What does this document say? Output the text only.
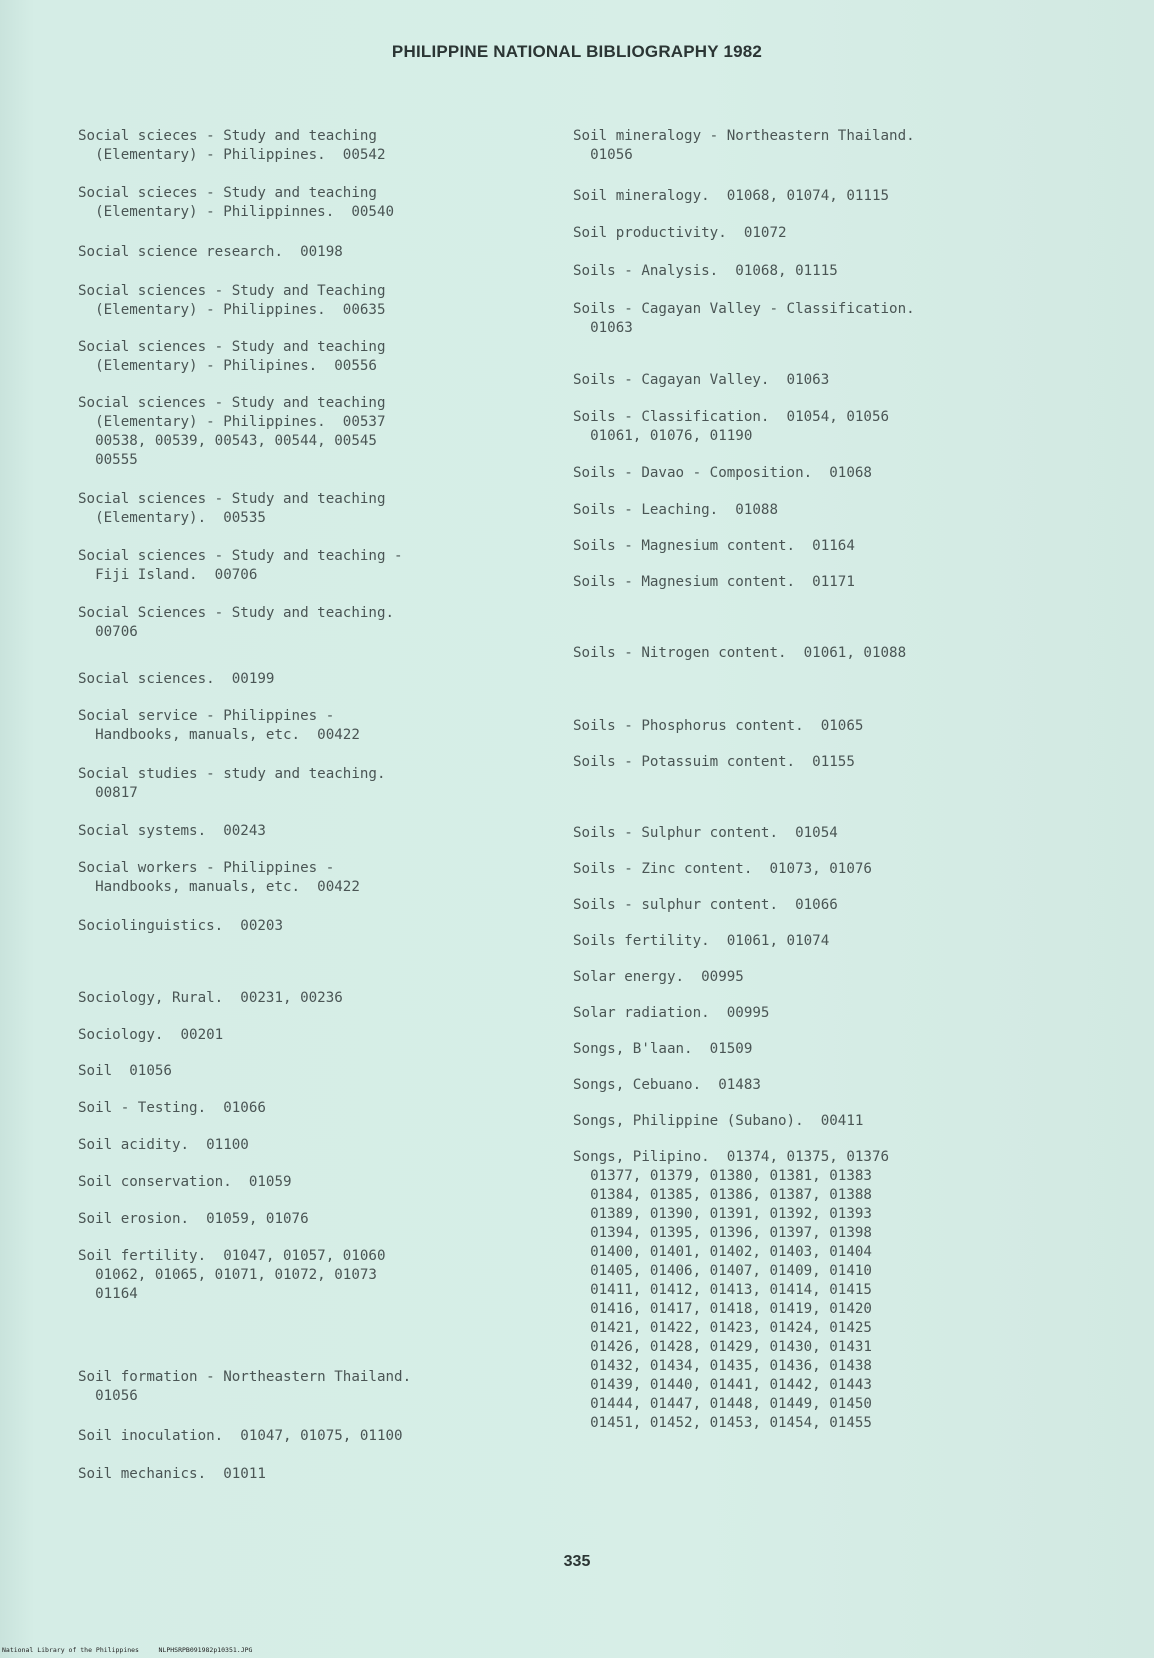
PHILIPPINE NATIONAL BIBLIOGRAPHY 1982

Social scieces - Study and teaching
(Elementary) - Philippines.  00542

Social scieces - Study and teaching
(Elementary) - Philippinnes.  00540

Social science research.  00198

Social sciences - Study and Teaching
(Elementary) - Philippines.  00635

Social sciences - Study and teaching
(Elementary) - Philipines.  00556

Social sciences - Study and teaching
(Elementary) - Philippines.  00537
00538, 00539, 00543, 00544, 00545
00555

Social sciences - Study and teaching
(Elementary).  00535

Social sciences - Study and teaching -
Fiji Island.  00706

Social Sciences - Study and teaching.
00706

Social sciences.  00199

Social service - Philippines -
Handbooks, manuals, etc.  00422

Social studies - study and teaching.
00817

Social systems.  00243

Social workers - Philippines -
Handbooks, manuals, etc.  00422

Sociolinguistics.  00203

Sociology, Rural.  00231, 00236

Sociology.  00201

Soil  01056

Soil - Testing.  01066

Soil acidity.  01100

Soil conservation.  01059

Soil erosion.  01059, 01076

Soil fertility.  01047, 01057, 01060
01062, 01065, 01071, 01072, 01073
01164

Soil formation - Northeastern Thailand.
01056

Soil inoculation.  01047, 01075, 01100

Soil mechanics.  01011

Soil mineralogy - Northeastern Thailand.
01056

Soil mineralogy.  01068, 01074, 01115

Soil productivity.  01072

Soils - Analysis.  01068, 01115

Soils - Cagayan Valley - Classification.
01063

Soils - Cagayan Valley.  01063

Soils - Classification.  01054, 01056
01061, 01076, 01190

Soils - Davao - Composition.  01068

Soils - Leaching.  01088

Soils - Magnesium content.  01164

Soils - Magnesium content.  01171

Soils - Nitrogen content.  01061, 01088

Soils - Phosphorus content.  01065

Soils - Potassuim content.  01155

Soils - Sulphur content.  01054

Soils - Zinc content.  01073, 01076

Soils - sulphur content.  01066

Soils fertility.  01061, 01074

Solar energy.  00995

Solar radiation.  00995

Songs, B'laan.  01509

Songs, Cebuano.  01483

Songs, Philippine (Subano).  00411

Songs, Pilipino.  01374, 01375, 01376
01377, 01379, 01380, 01381, 01383
01384, 01385, 01386, 01387, 01388
01389, 01390, 01391, 01392, 01393
01394, 01395, 01396, 01397, 01398
01400, 01401, 01402, 01403, 01404
01405, 01406, 01407, 01409, 01410
01411, 01412, 01413, 01414, 01415
01416, 01417, 01418, 01419, 01420
01421, 01422, 01423, 01424, 01425
01426, 01428, 01429, 01430, 01431
01432, 01434, 01435, 01436, 01438
01439, 01440, 01441, 01442, 01443
01444, 01447, 01448, 01449, 01450
01451, 01452, 01453, 01454, 01455

335
National Library of the Philippines     NLPHSRPB091982p10351.JPG
